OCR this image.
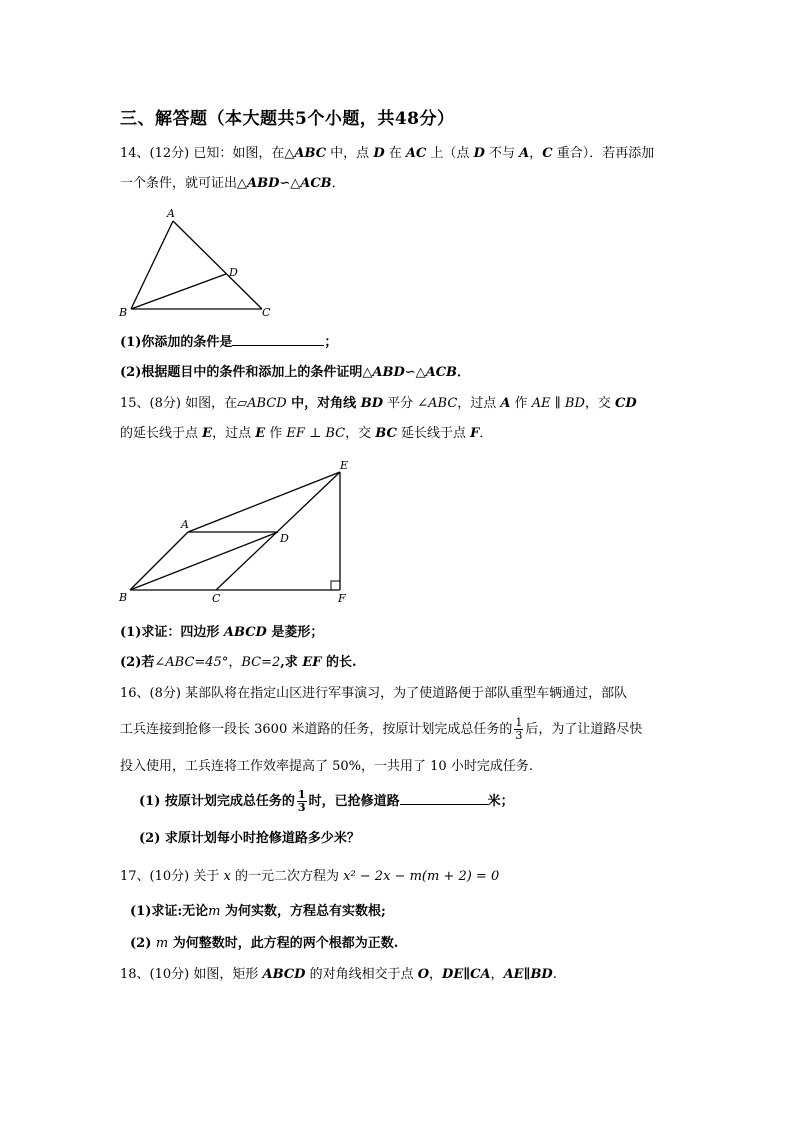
三、解答题（本大题共5个小题，共48分）
14、(12分) 已知：如图，在△ABC 中，点 D 在 AC 上（点 D 不与 A，C 重合）．若再添加
一个条件，就可证出△ABD∽△ACB．
A
B	C
D
(1)你添加的条件是	；
(2)根据题目中的条件和添加上的条件证明△ABD∽△ACB．
15、(8分) 如图，在▱ABCD 中，对角线 BD 平分 ∠ABC，过点 A 作 AE ∥ BD，交 CD
的延长线于点 E，过点 E 作 EF ⊥ BC，交 BC 延长线于点 F．
A
B	C
D
E
F
(1)求证：四边形 ABCD 是菱形；
(2)若∠ABC=45°，BC=2,求 EF 的长.
16、(8分) 某部队将在指定山区进行军事演习，为了使道路便于部队重型车辆通过，部队
工兵连接到抢修一段长 3600 米道路的任务，按原计划完成总任务的 $\frac{1}{3}$ 后，为了让道路尽快
投入使用，工兵连将工作效率提高了 50%，一共用了 10 小时完成任务.
(1) 按原计划完成总任务的 $\frac{1}{3}$ 时，已抢修道路	米；
(2) 求原计划每小时抢修道路多少米？
17、(10分) 关于 x 的一元二次方程为 x² − 2x − m(m + 2) = 0
(1)求证:无论m 为何实数，方程总有实数根;
(2) m 为何整数时，此方程的两个根都为正数.
18、(10分) 如图，矩形 ABCD 的对角线相交于点 O，DE∥CA，AE∥BD.
